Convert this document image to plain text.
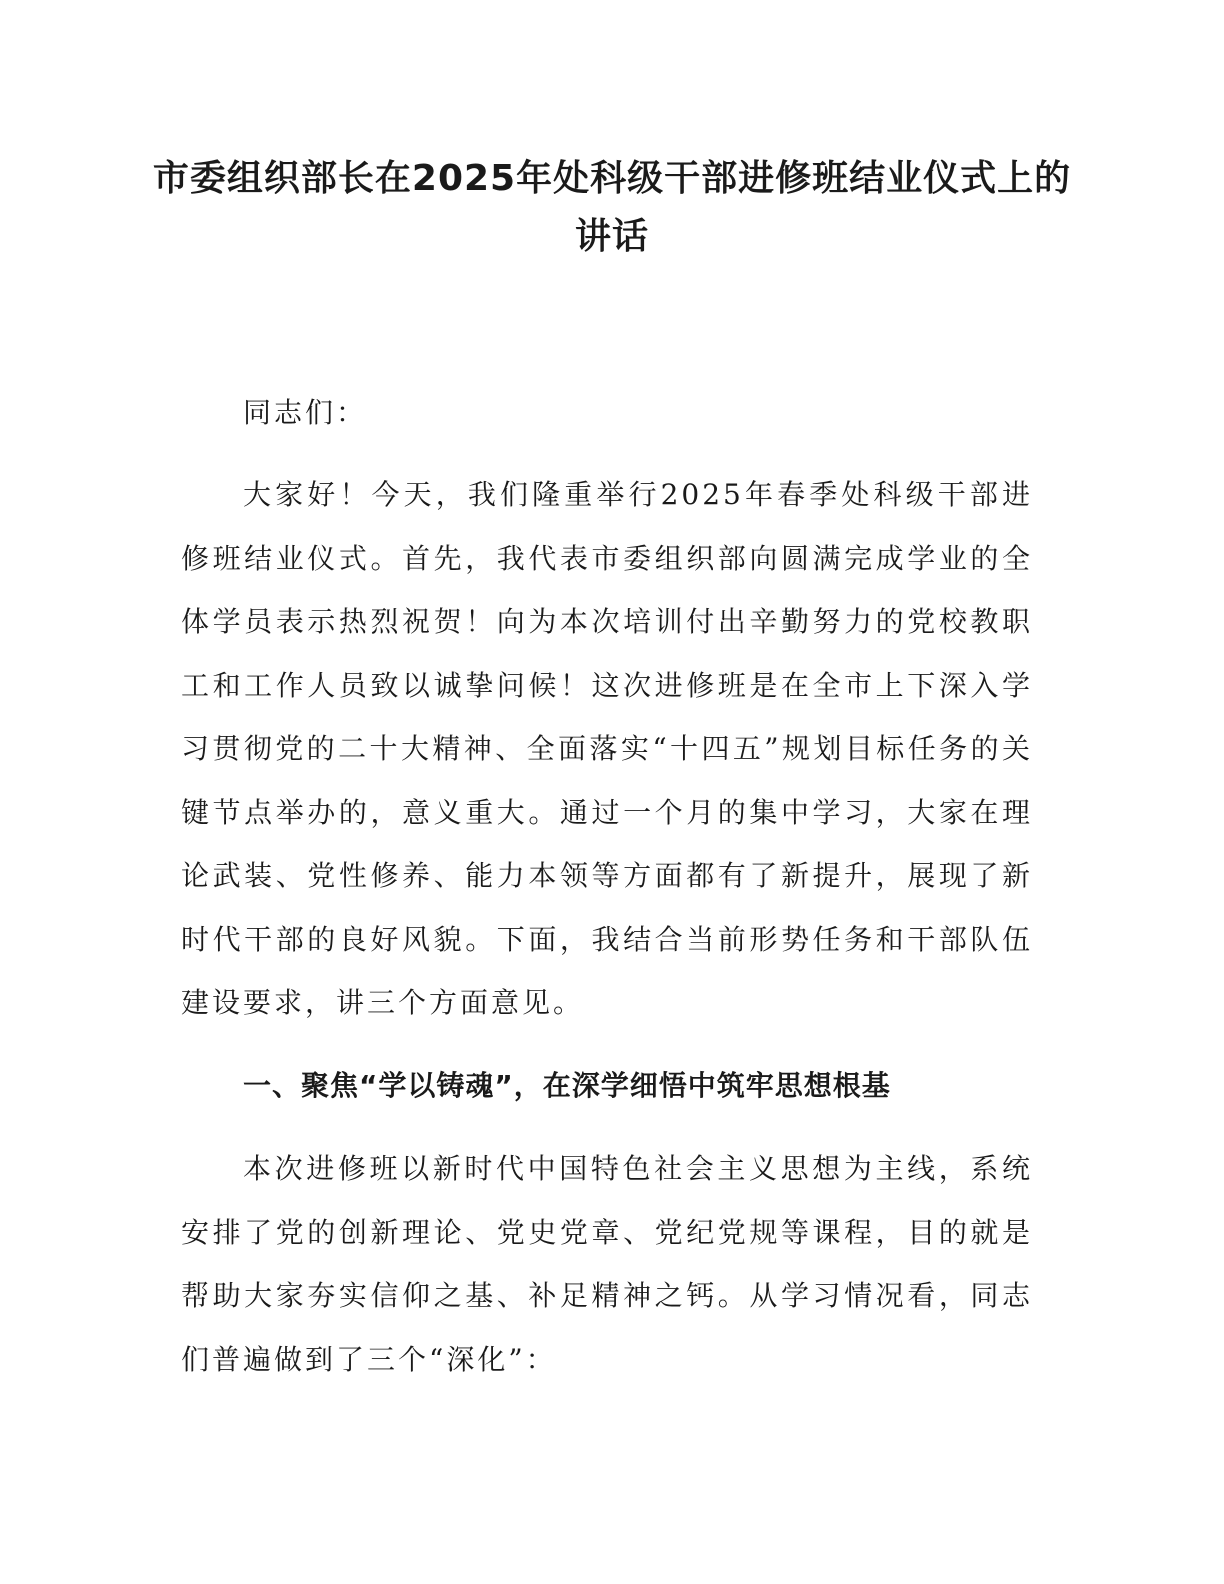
市委组织部长在2025年处科级干部进修班结业仪式上的讲话

同志们：

大家好！今天，我们隆重举行2025年春季处科级干部进修班结业仪式。首先，我代表市委组织部向圆满完成学业的全体学员表示热烈祝贺！向为本次培训付出辛勤努力的党校教职工和工作人员致以诚挚问候！这次进修班是在全市上下深入学习贯彻党的二十大精神、全面落实“十四五”规划目标任务的关键节点举办的，意义重大。通过一个月的集中学习，大家在理论武装、党性修养、能力本领等方面都有了新提升，展现了新时代干部的良好风貌。下面，我结合当前形势任务和干部队伍建设要求，讲三个方面意见。

一、聚焦“学以铸魂”，在深学细悟中筑牢思想根基

本次进修班以新时代中国特色社会主义思想为主线，系统安排了党的创新理论、党史党章、党纪党规等课程，目的就是帮助大家夯实信仰之基、补足精神之钙。从学习情况看，同志们普遍做到了三个“深化”：
